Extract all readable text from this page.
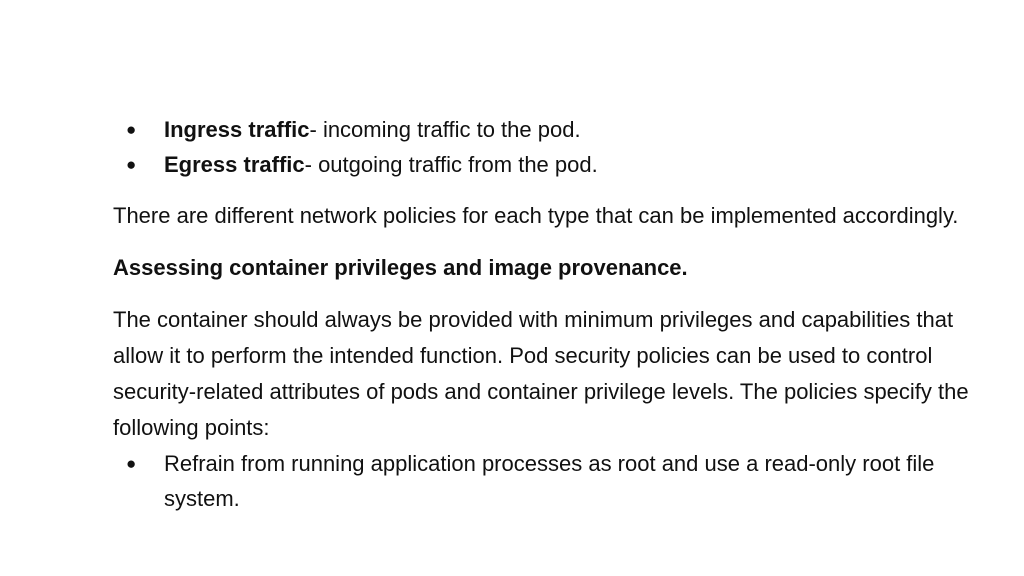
●	Ingress traffic- incoming traffic to the pod.
●	Egress traffic- outgoing traffic from the pod.

There are different network policies for each type that can be implemented accordingly.

Assessing container privileges and image provenance.

The container should always be provided with minimum privileges and capabilities that allow it to perform the intended function. Pod security policies can be used to control security-related attributes of pods and container privilege levels. The policies specify the following points:

●	Refrain from running application processes as root and use a read-only root file system.
